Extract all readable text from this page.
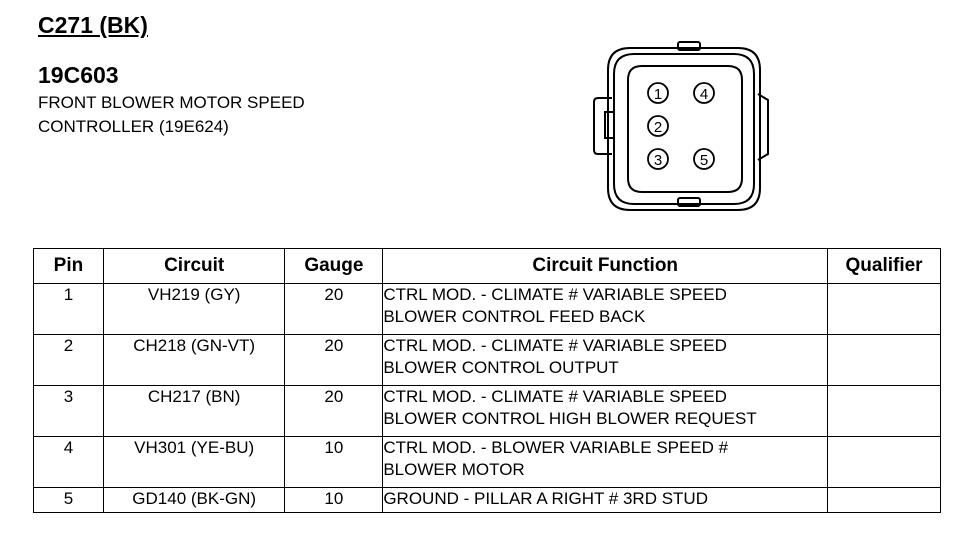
C271 (BK)
19C603
FRONT BLOWER MOTOR SPEED
CONTROLLER (19E624)
1	4
2
3	5
Pin	Circuit	Gauge	Circuit Function	Qualifier
1	VH219 (GY)	20	CTRL MOD. - CLIMATE # VARIABLE SPEED
BLOWER CONTROL FEED BACK	

2	CH218 (GN-VT)	20	CTRL MOD. - CLIMATE # VARIABLE SPEED
BLOWER CONTROL OUTPUT	

3	CH217 (BN)	20	CTRL MOD. - CLIMATE # VARIABLE SPEED
BLOWER CONTROL HIGH BLOWER REQUEST	

4	VH301 (YE-BU)	10	CTRL MOD. - BLOWER VARIABLE SPEED #
BLOWER MOTOR	

5	GD140 (BK-GN)	10	GROUND - PILLAR A RIGHT # 3RD STUD	
